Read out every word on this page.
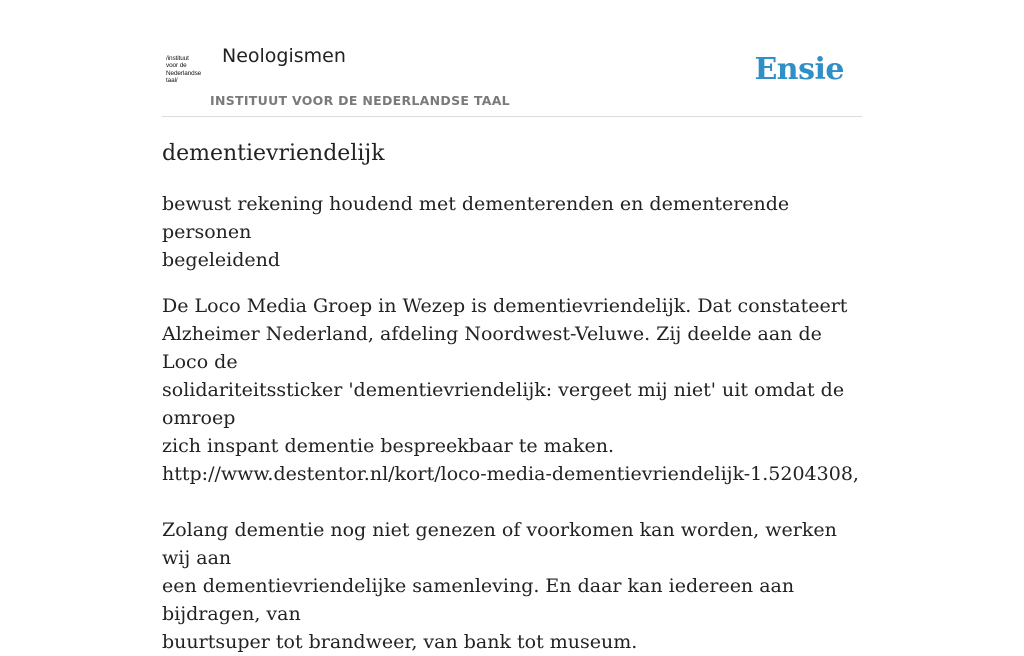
/instituut
voor de
Nederlandse
taal/
Neologismen
INSTITUUT VOOR DE NEDERLANDSE TAAL
Ensie
dementievriendelijk
bewust rekening houdend met dementerenden en dementerende personen
begeleidend
De Loco Media Groep in Wezep is dementievriendelijk. Dat constateert
Alzheimer Nederland, afdeling Noordwest-Veluwe. Zij deelde aan de Loco de
solidariteitssticker 'dementievriendelijk: vergeet mij niet' uit omdat de omroep
zich inspant dementie bespreekbaar te maken.
http://www.destentor.nl/kort/loco-media-dementievriendelijk-1.5204308,
Zolang dementie nog niet genezen of voorkomen kan worden, werken wij aan
een dementievriendelijke samenleving. En daar kan iedereen aan bijdragen, van
buurtsuper tot brandweer, van bank tot museum.
